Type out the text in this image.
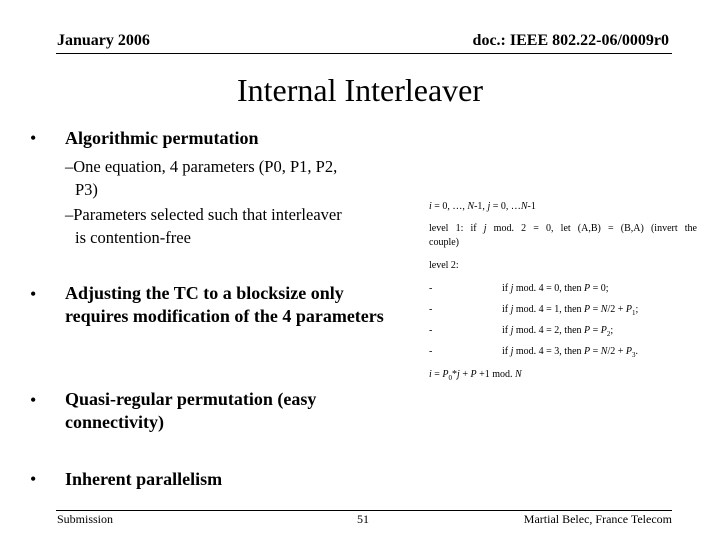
January 2006	doc.: IEEE 802.22-06/0009r0
Internal Interleaver
• Algorithmic permutation
–One equation, 4 parameters (P0, P1, P2,
P3)
–Parameters selected such that interleaver
is contention-free
• Adjusting the TC to a blocksize only requires modification of the 4 parameters
• Quasi-regular permutation (easy connectivity)
• Inherent parallelism
i = 0, …, N-1, j = 0, …N-1
level 1: if j mod. 2 = 0, let (A,B) = (B,A) (invert the
couple)
level 2:
-	if j mod. 4 = 0, then P = 0;
-	if j mod. 4 = 1, then $P = N/2 + P_1$;
-	if j mod. 4 = 2, then $P = P_2$;
-	if j mod. 4 = 3, then $P = N/2 + P_3$.
$i = P_0*j + P +1$ mod. N
Submission	51	Martial Belec, France Telecom
